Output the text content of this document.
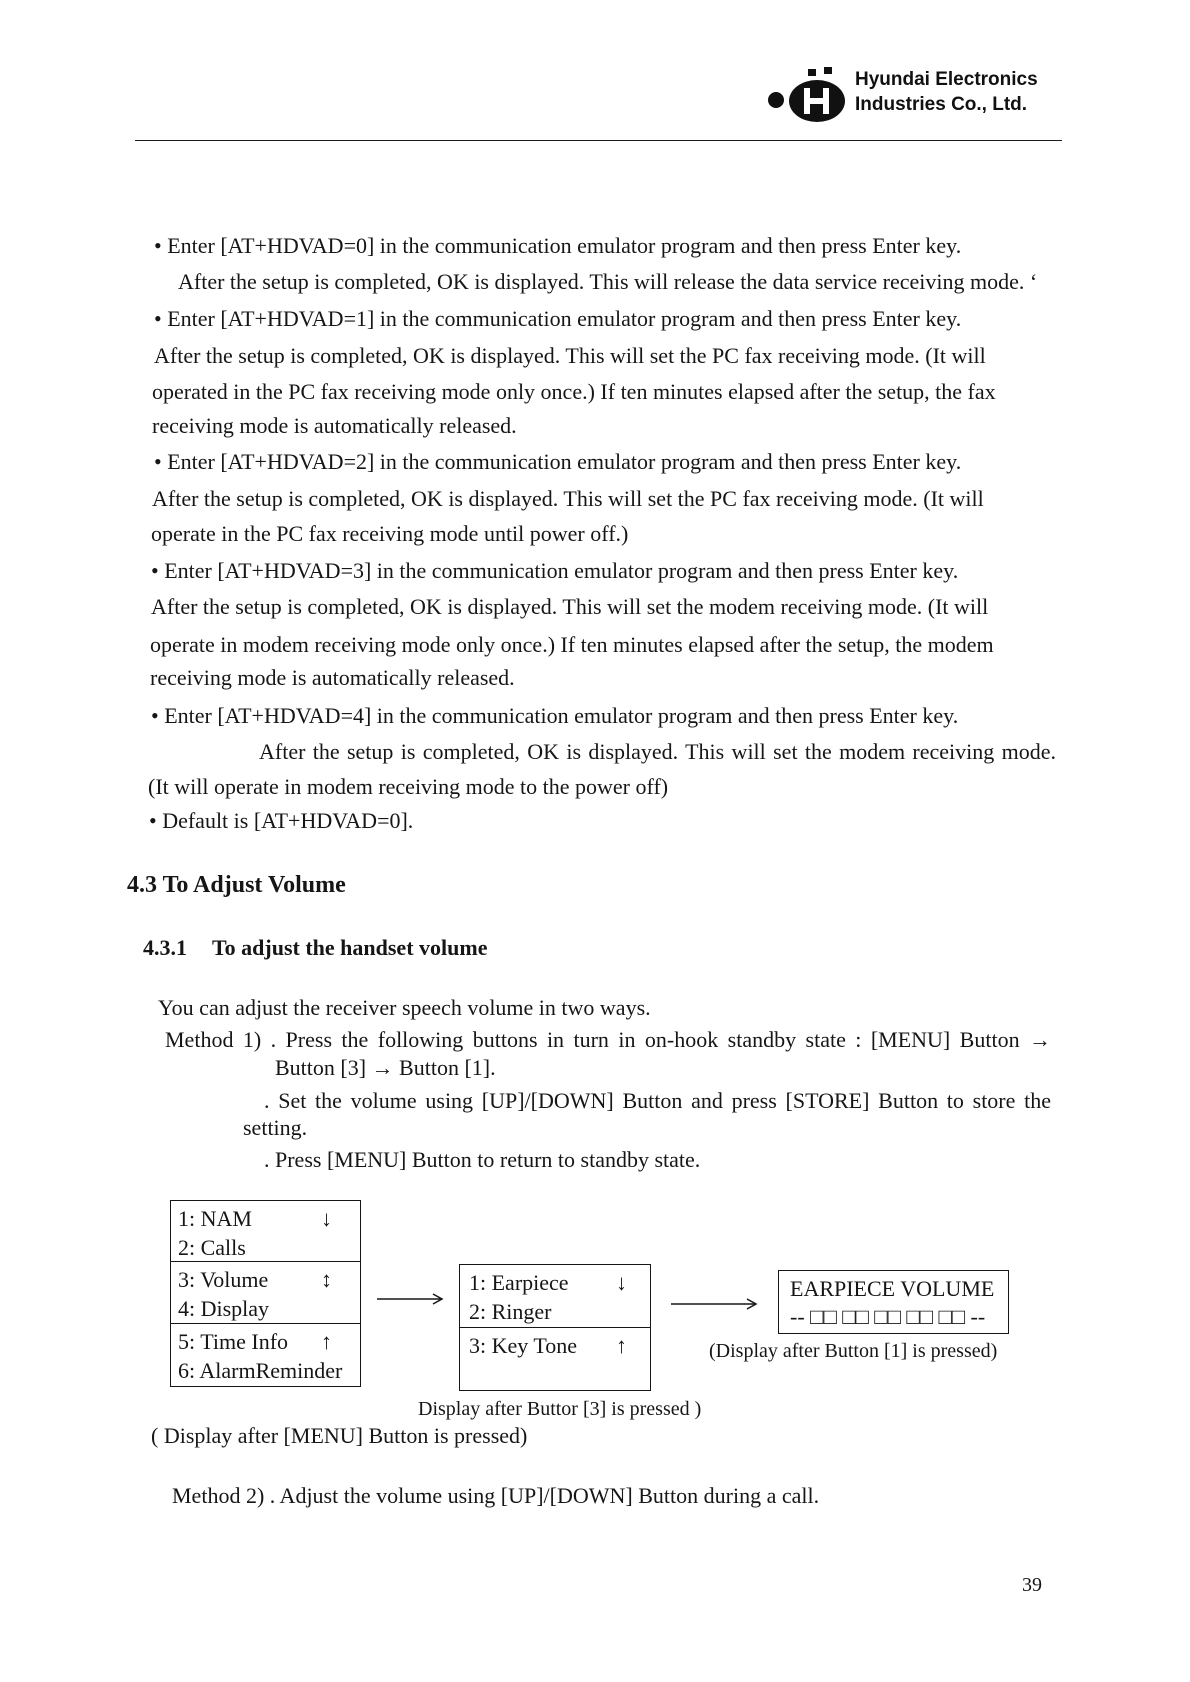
Hyundai Electronics
Industries Co., Ltd.
• Enter [AT+HDVAD=0] in the communication emulator program and then press Enter key.
After the setup is completed, OK is displayed. This will release the data service receiving mode. ‘
• Enter [AT+HDVAD=1] in the communication emulator program and then press Enter key.
After the setup is completed, OK is displayed. This will set the PC fax receiving mode. (It will
operated in the PC fax receiving mode only once.) If ten minutes elapsed after the setup, the fax
receiving mode is automatically released.
• Enter [AT+HDVAD=2] in the communication emulator program and then press Enter key.
After the setup is completed, OK is displayed. This will set the PC fax receiving mode. (It will
operate in the PC fax receiving mode until power off.)
• Enter [AT+HDVAD=3] in the communication emulator program and then press Enter key.
After the setup is completed, OK is displayed. This will set the modem receiving mode. (It will
operate in modem receiving mode only once.) If ten minutes elapsed after the setup, the modem
receiving mode is automatically released.
• Enter [AT+HDVAD=4] in the communication emulator program and then press Enter key.
After the setup is completed, OK is displayed. This will set the modem receiving mode.
(It will operate in modem receiving mode to the power off)
• Default is [AT+HDVAD=0].
4.3 To Adjust Volume
4.3.1 To adjust the handset volume
You can adjust the receiver speech volume in two ways.
Method 1) . Press the following buttons in turn in on-hook standby state : [MENU] Button →
Button [3] → Button [1].
. Set the volume using [UP]/[DOWN] Button and press [STORE] Button to store the
setting.
. Press [MENU] Button to return to standby state.
1: NAM	↓
2: Calls
3: Volume ↕
4: Display
5: Time Info ↑
6: AlarmReminder
1: Earpiece ↓
2: Ringer
3: Key Tone ↑
EARPIECE VOLUME
-- □□ □□ □□ □□ □□ --
(Display after Button [1] is pressed)
Display after Buttor [3] is pressed )
( Display after [MENU] Button is pressed)
Method 2) . Adjust the volume using [UP]/[DOWN] Button during a call.
39
